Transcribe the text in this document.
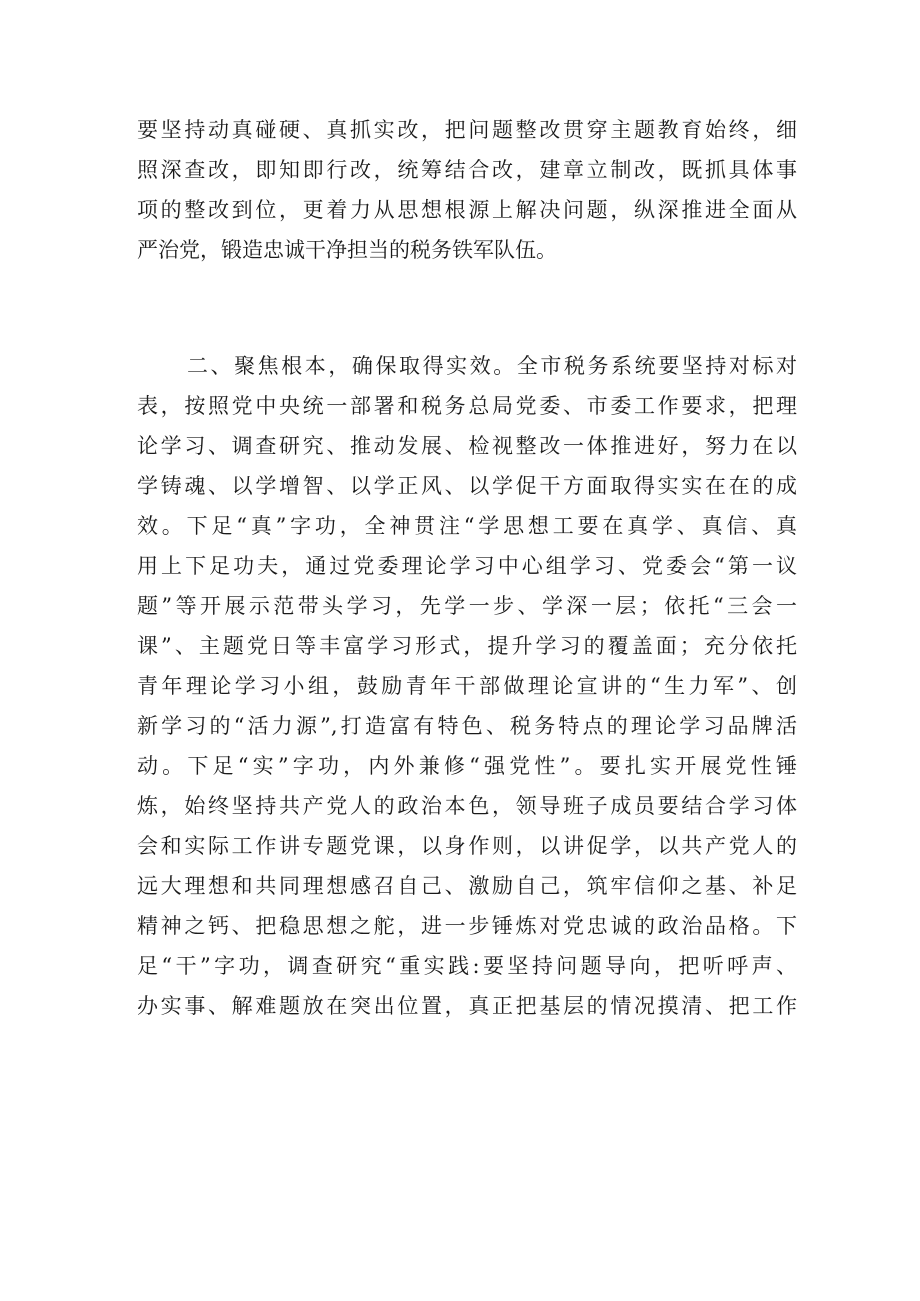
要坚持动真碰硬、真抓实改，把问题整改贯穿主题教育始终，细
照深查改，即知即行改，统筹结合改，建章立制改，既抓具体事
项的整改到位，更着力从思想根源上解决问题，纵深推进全面从
严治党，锻造忠诚干净担当的税务铁军队伍。
二、聚焦根本，确保取得实效。全市税务系统要坚持对标对
表，按照党中央统一部署和税务总局党委、市委工作要求，把理
论学习、调查研究、推动发展、检视整改一体推进好，努力在以
学铸魂、以学增智、以学正风、以学促干方面取得实实在在的成
效。下足“真”字功，全神贯注“学思想工要在真学、真信、真
用上下足功夫，通过党委理论学习中心组学习、党委会“第一议
题”等开展示范带头学习，先学一步、学深一层；依托“三会一
课”、主题党日等丰富学习形式，提升学习的覆盖面；充分依托
青年理论学习小组，鼓励青年干部做理论宣讲的“生力军”、创
新学习的“活力源”,打造富有特色、税务特点的理论学习品牌活
动。下足“实”字功，内外兼修“强党性”。要扎实开展党性锤
炼，始终坚持共产党人的政治本色，领导班子成员要结合学习体
会和实际工作讲专题党课，以身作则，以讲促学，以共产党人的
远大理想和共同理想感召自己、激励自己，筑牢信仰之基、补足
精神之钙、把稳思想之舵，进一步锤炼对党忠诚的政治品格。下
足“干”字功，调查研究“重实践:要坚持问题导向，把听呼声、
办实事、解难题放在突出位置，真正把基层的情况摸清、把工作
